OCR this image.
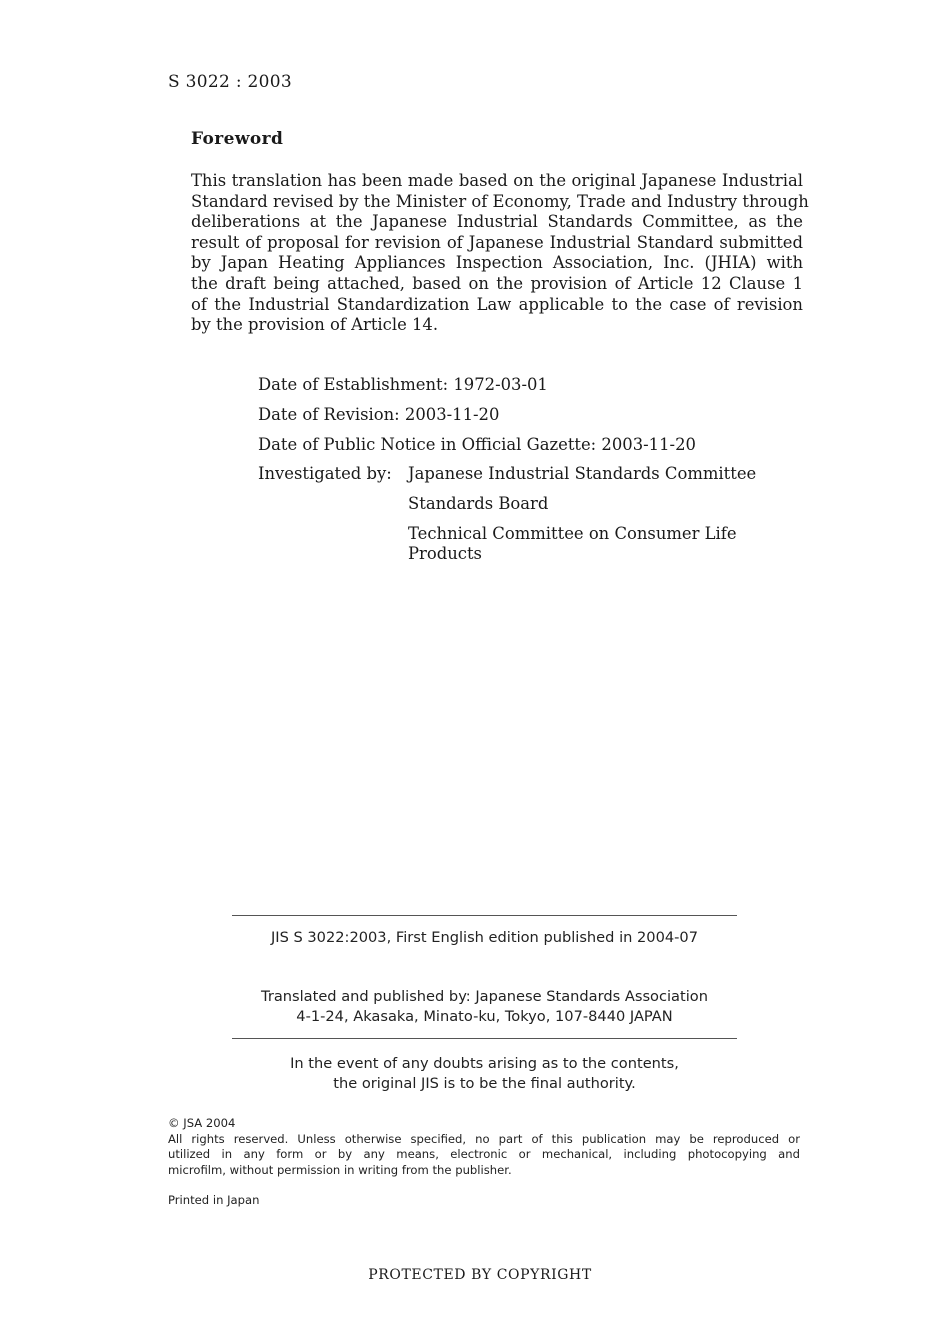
S 3022 : 2003
Foreword
This translation has been made based on the original Japanese Industrial
Standard revised by the Minister of Economy, Trade and Industry through
deliberations at the Japanese Industrial Standards Committee, as the
result of proposal for revision of Japanese Industrial Standard submitted
by Japan Heating Appliances Inspection Association, Inc. (JHIA) with
the draft being attached, based on the provision of Article 12 Clause 1
of the Industrial Standardization Law applicable to the case of revision
by the provision of Article 14.
Date of Establishment: 1972-03-01
Date of Revision: 2003-11-20
Date of Public Notice in Official Gazette: 2003-11-20
Investigated by: Japanese Industrial Standards Committee
Standards Board
Technical Committee on Consumer Life Products
JIS S 3022:2003, First English edition published in 2004-07
Translated and published by: Japanese Standards Association
4-1-24, Akasaka, Minato-ku, Tokyo, 107-8440 JAPAN
In the event of any doubts arising as to the contents,
the original JIS is to be the final authority.
© JSA 2004
All rights reserved. Unless otherwise specified, no part of this publication may be reproduced or
utilized in any form or by any means, electronic or mechanical, including photocopying and
microfilm, without permission in writing from the publisher.
Printed in Japan
PROTECTED BY COPYRIGHT
